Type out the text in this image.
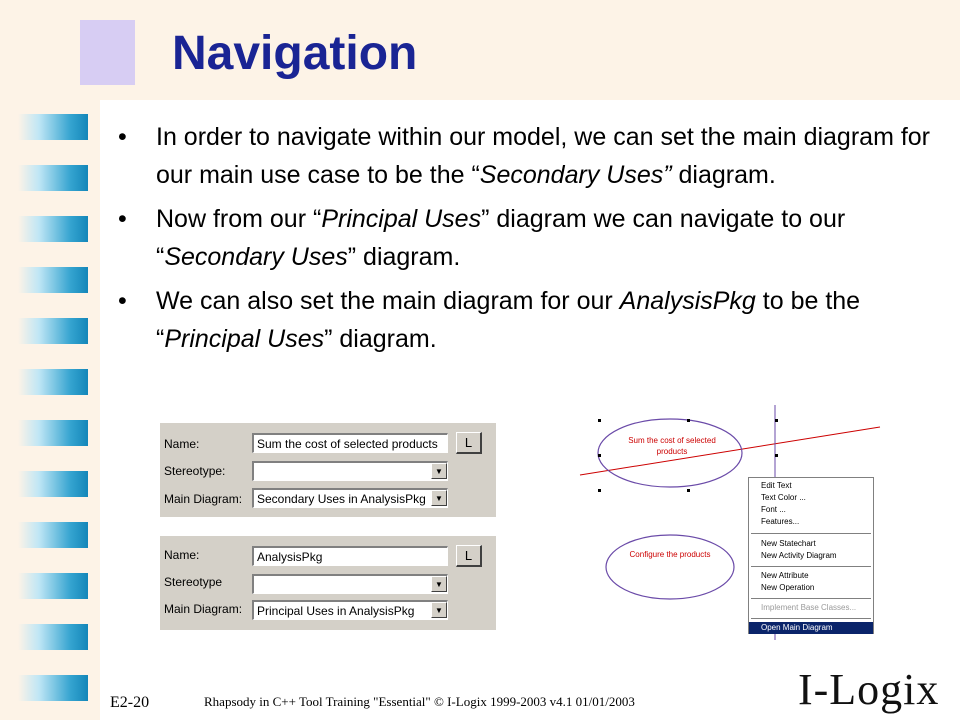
Navigation
• In order to navigate within our model, we can set the main diagram for our main use case to be the “Secondary Uses” diagram.
• Now from our “Principal Uses” diagram we can navigate to our “Secondary Uses” diagram.
• We can also set the main diagram for our AnalysisPkg to be the “Principal Uses” diagram.
Name:	Sum the cost of selected products	L
Stereotype:	▼
Main Diagram:	Secondary Uses in AnalysisPkg	▼
Name:	AnalysisPkg	L
Stereotype	▼
Main Diagram:	Principal Uses in AnalysisPkg	▼
Sum the cost of selected
products
Configure the products
Edit Text
Text Color ...
Font ...
Features...
New Statechart
New Activity Diagram
New Attribute
New Operation
Implement Base Classes...
Open Main Diagram
E2-20	Rhapsody in C++ Tool Training "Essential" © I-Logix 1999-2003 v4.1 01/01/2003	I-Logix
